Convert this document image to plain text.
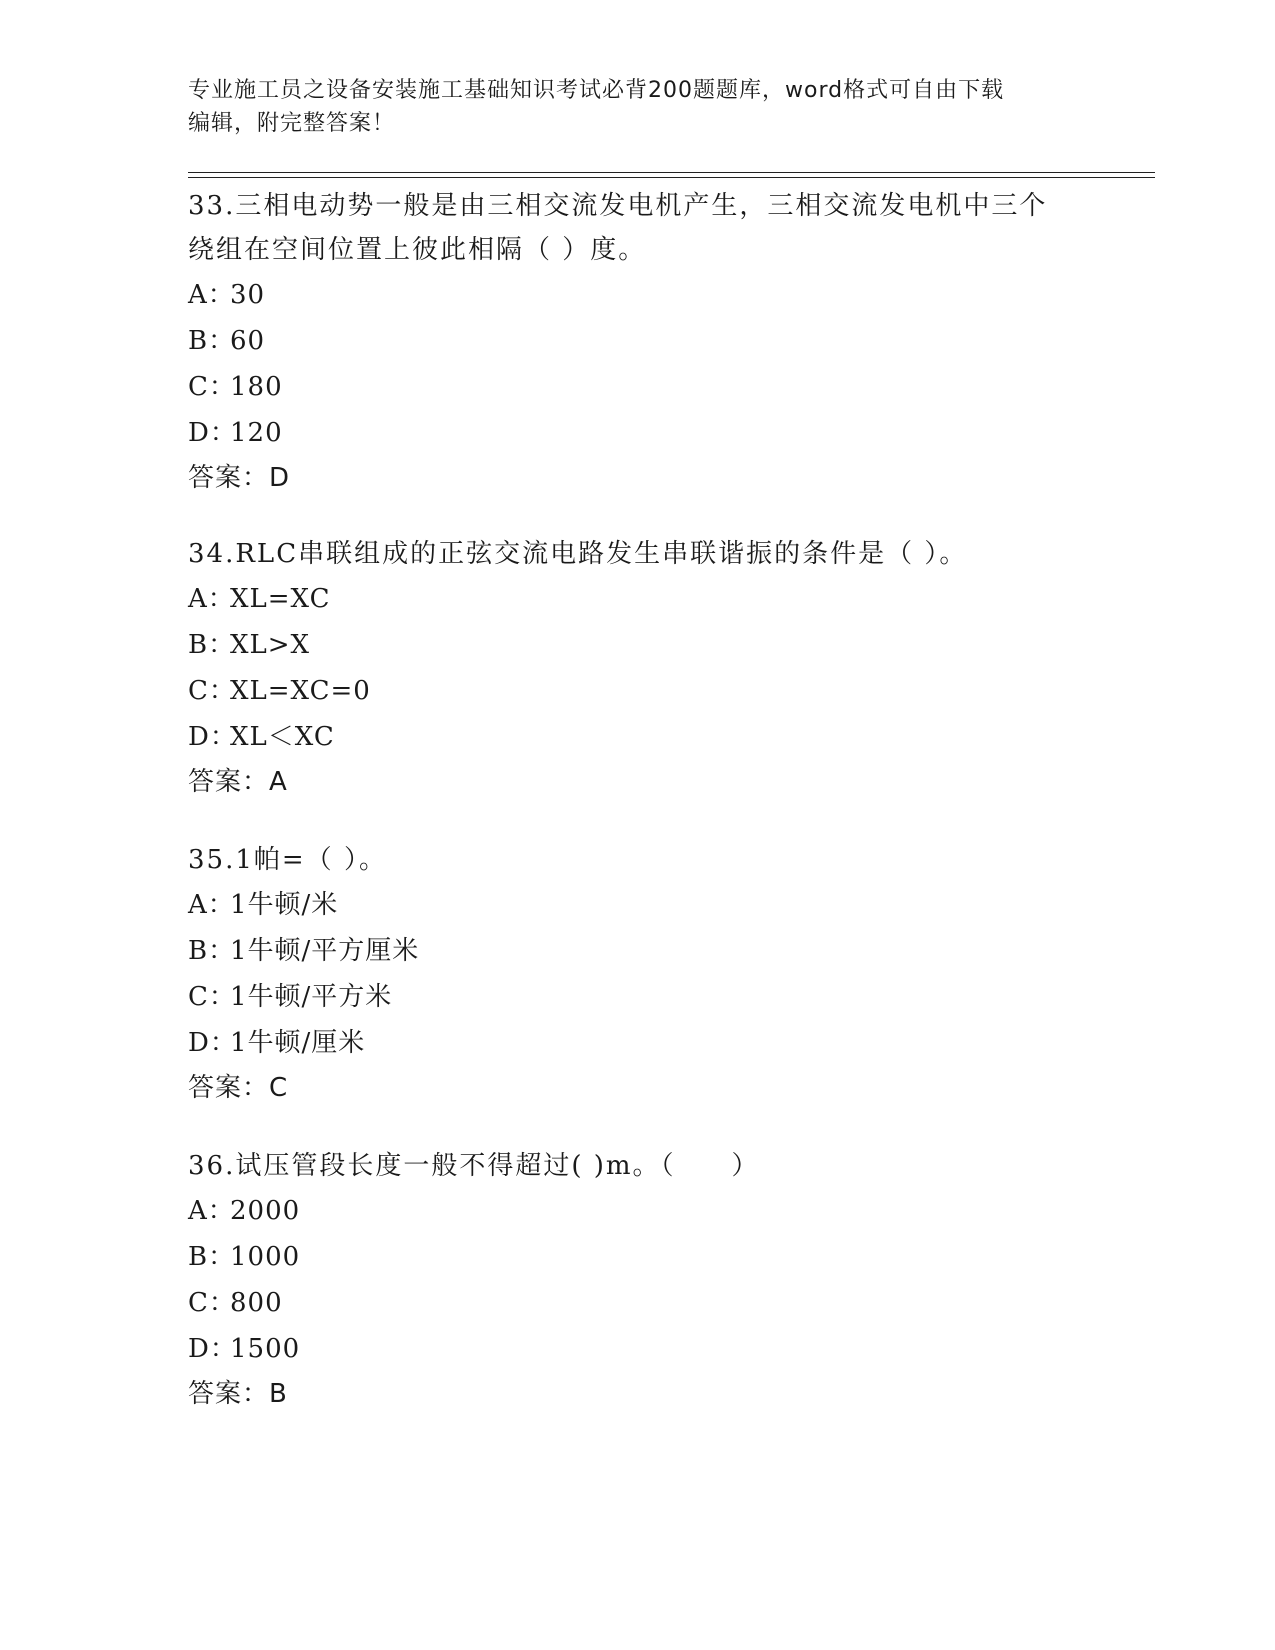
专业施工员之设备安装施工基础知识考试必背200题题库，word格式可自由下载
编辑，附完整答案！
33.三相电动势一般是由三相交流发电机产生，三相交流发电机中三个
绕组在空间位置上彼此相隔（ ）度。
A：30
B：60
C：180
D：120
答案：D
34.RLC串联组成的正弦交流电路发生串联谐振的条件是（ ）。
A：XL=XC
B：XL>X
C：XL=XC=0
D：XL＜XC
答案：A
35.1帕=（ ）。
A：1牛顿/米
B：1牛顿/平方厘米
C：1牛顿/平方米
D：1牛顿/厘米
答案：C
36.试压管段长度一般不得超过( )m。（　　）
A：2000
B：1000
C：800
D：1500
答案：B
